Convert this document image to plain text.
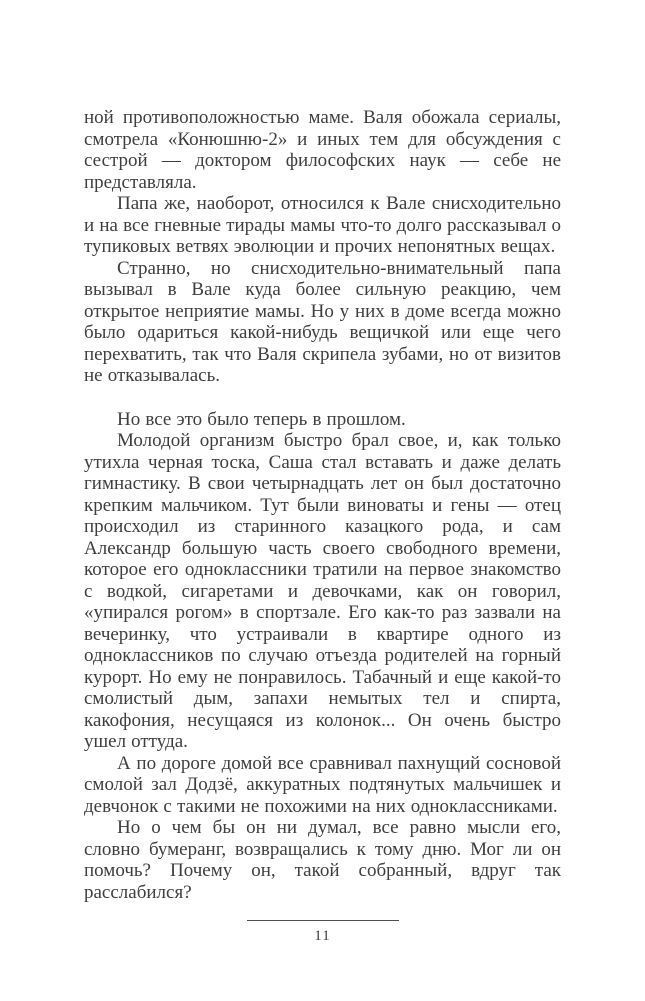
ной противоположностью маме. Валя обожала сериалы, смотрела «Конюшню-2» и иных тем для обсуждения с сестрой — доктором философских наук — себе не представляла.

Папа же, наоборот, относился к Вале снисходительно и на все гневные тирады мамы что-то долго рассказывал о тупиковых ветвях эволюции и прочих непонятных вещах.

Странно, но снисходительно-внимательный папа вызывал в Вале куда более сильную реакцию, чем открытое неприятие мамы. Но у них в доме всегда можно было одариться какой-нибудь вещичкой или еще чего перехватить, так что Валя скрипела зубами, но от визитов не отказывалась.

Но все это было теперь в прошлом.

Молодой организм быстро брал свое, и, как только утихла черная тоска, Саша стал вставать и даже делать гимнастику. В свои четырнадцать лет он был достаточно крепким мальчиком. Тут были виноваты и гены — отец происходил из старинного казацкого рода, и сам Александр большую часть своего свободного времени, которое его одноклассники тратили на первое знакомство с водкой, сигаретами и девочками, как он говорил, «упирался рогом» в спортзале. Его как-то раз зазвали на вечеринку, что устраивали в квартире одного из одноклассников по случаю отъезда родителей на горный курорт. Но ему не понравилось. Табачный и еще какой-то смолистый дым, запахи немытых тел и спирта, какофония, несущаяся из колонок... Он очень быстро ушел оттуда.

А по дороге домой все сравнивал пахнущий сосновой смолой зал Додзё, аккуратных подтянутых мальчишек и девчонок с такими не похожими на них одноклассниками.

Но о чем бы он ни думал, все равно мысли его, словно бумеранг, возвращались к тому дню. Мог ли он помочь? Почему он, такой собранный, вдруг так расслабился?

11
